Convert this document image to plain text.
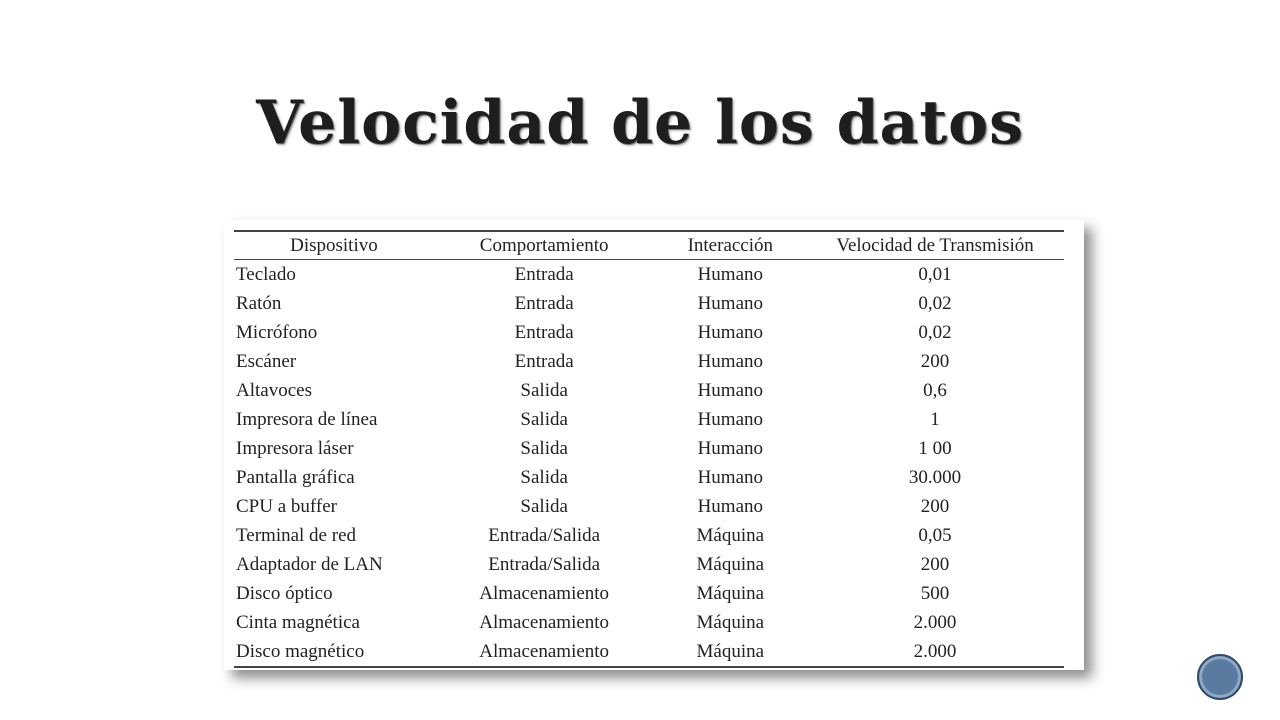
Velocidad de los datos
Dispositivo	Comportamiento	Interacción	Velocidad de Transmisión
Teclado	Entrada	Humano	0,01
Ratón	Entrada	Humano	0,02
Micrófono	Entrada	Humano	0,02
Escáner	Entrada	Humano	200
Altavoces	Salida	Humano	0,6
Impresora de línea	Salida	Humano	1
Impresora láser	Salida	Humano	1 00
Pantalla gráfica	Salida	Humano	30.000
CPU a buffer	Salida	Humano	200
Terminal de red	Entrada/Salida	Máquina	0,05
Adaptador de LAN	Entrada/Salida	Máquina	200
Disco óptico	Almacenamiento	Máquina	500
Cinta magnética	Almacenamiento	Máquina	2.000
Disco magnético	Almacenamiento	Máquina	2.000
